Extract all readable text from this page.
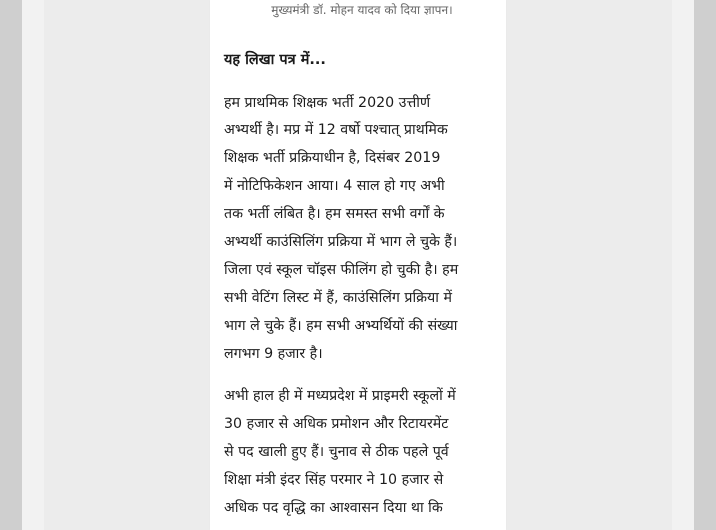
मुख्यमंत्री डॉ. मोहन यादव को दिया ज्ञापन।
यह लिखा पत्र में...
हम प्राथमिक शिक्षक भर्ती 2020 उत्तीर्ण
अभ्यर्थी है। मप्र में 12 वर्षो पश्चात् प्राथमिक
शिक्षक भर्ती प्रक्रियाधीन है, दिसंबर 2019
में नोटिफिकेशन आया। 4 साल हो गए अभी
तक भर्ती लंबित है। हम समस्त सभी वर्गों के
अभ्यर्थी काउंसिलिंग प्रक्रिया में भाग ले चुके हैं।
जिला एवं स्कूल चॉइस फीलिंग हो चुकी है। हम
सभी वेटिंग लिस्ट में हैं, काउंसिलिंग प्रक्रिया में
भाग ले चुके हैं। हम सभी अभ्यर्थियों की संख्या
लगभग 9 हजार है।
अभी हाल ही में मध्यप्रदेश में प्राइमरी स्कूलों में
30 हजार से अधिक प्रमोशन और रिटायरमेंट
से पद खाली हुए हैं। चुनाव से ठीक पहले पूर्व
शिक्षा मंत्री इंदर सिंह परमार ने 10 हजार से
अधिक पद वृद्धि का आश्वासन दिया था कि
